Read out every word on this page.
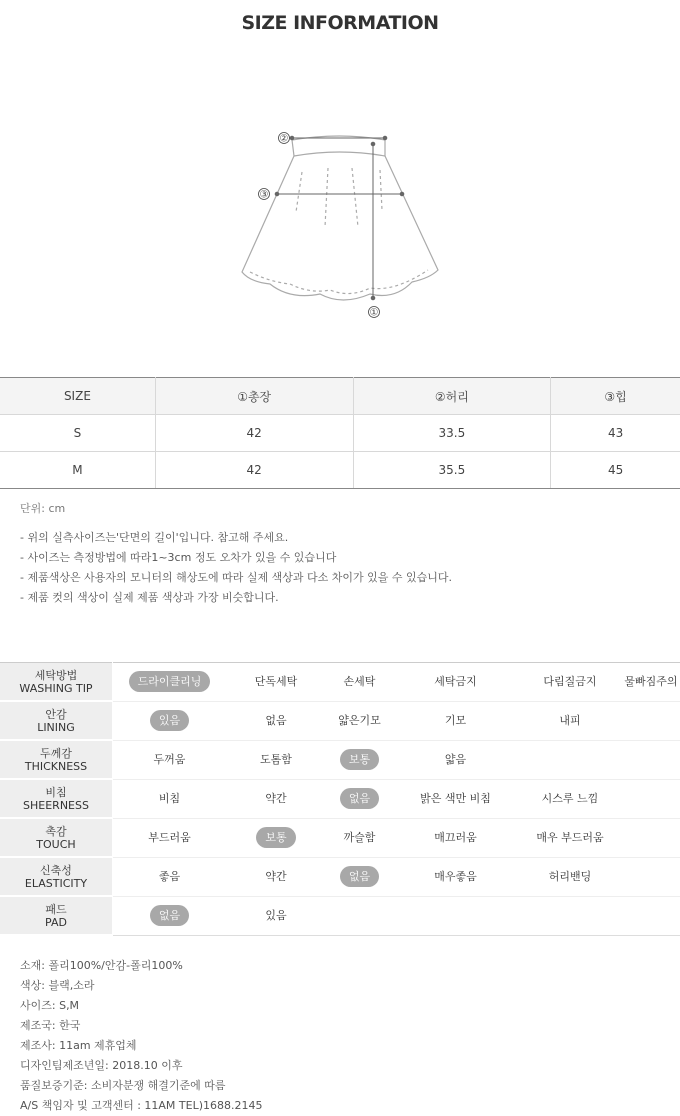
SIZE INFORMATION
②
③
①
SIZE	①총장	②허리	③힙
S	42	33.5	43
M	42	35.5	45
단위: cm
- 위의 실측사이즈는'단면의 길이'입니다. 참고해 주세요.
- 사이즈는 측정방법에 따라1~3cm 정도 오차가 있을 수 있습니다
- 제품색상은 사용자의 모니터의 해상도에 따라 실제 색상과 다소 차이가 있을 수 있습니다.
- 제품 컷의 색상이 실제 제품 색상과 가장 비슷합니다.
세탁방법
WASHING TIP	드라이클리닝	단독세탁	손세탁	세탁금지	다림질금지	물빠짐주의

안감
LINING	있음	없음	얇은기모	기모	내피	

두께감
THICKNESS	두꺼움	도톰함	보통	얇음		

비침
SHEERNESS	비침	약간	없음	밝은 색만 비침	시스루 느낌	

촉감
TOUCH	부드러움	보통	까슬함	매끄러움	매우 부드러움	

신축성
ELASTICITY	좋음	약간	없음	매우좋음	허리밴딩	

패드
PAD	없음	있음				
소재: 폴리100%/안감-폴리100%
색상: 블랙,소라
사이즈: S,M
제조국: 한국
제조사: 11am 제휴업체
디자인팀제조년일: 2018.10 이후
품질보증기준: 소비자분쟁 해결기준에 따름
A/S 책임자 및 고객센터 : 11AM TEL)1688.2145
